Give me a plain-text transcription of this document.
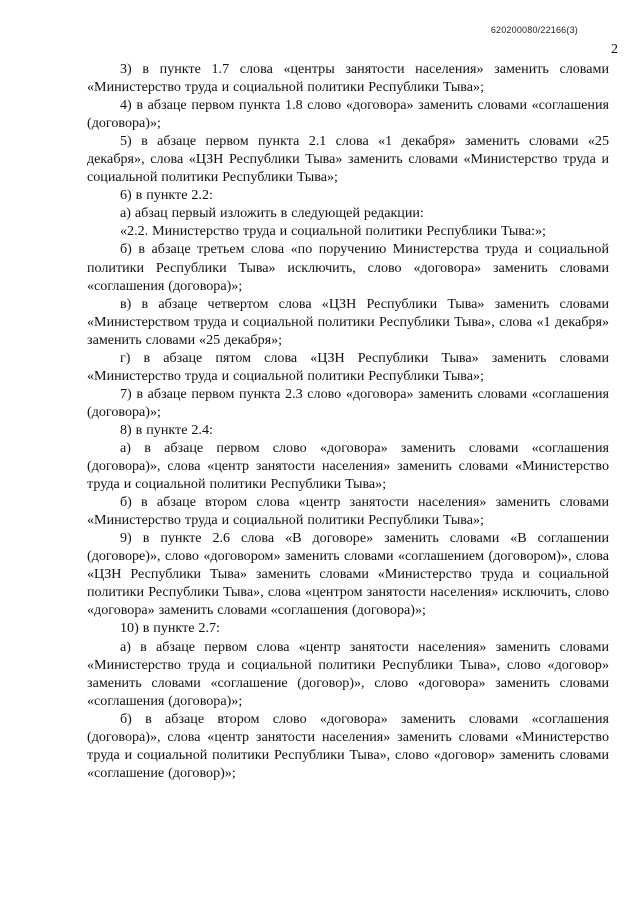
620200080/22166(3)
2

3) в пункте 1.7 слова «центры занятости населения» заменить словами «Министерство труда и социальной политики Республики Тыва»;

4) в абзаце первом пункта 1.8 слово «договора» заменить словами «соглашения (договора)»;

5) в абзаце первом пункта 2.1 слова «1 декабря» заменить словами «25 декабря», слова «ЦЗН Республики Тыва» заменить словами «Министерство труда и социальной политики Республики Тыва»;

6) в пункте 2.2:

а) абзац первый изложить в следующей редакции:

«2.2. Министерство труда и социальной политики Республики Тыва:»;

б) в абзаце третьем слова «по поручению Министерства труда и социальной политики Республики Тыва» исключить, слово «договора» заменить словами «соглашения (договора)»;

в) в абзаце четвертом слова «ЦЗН Республики Тыва» заменить словами «Министерством труда и социальной политики Республики Тыва», слова «1 декабря» заменить словами «25 декабря»;

г) в абзаце пятом слова «ЦЗН Республики Тыва» заменить словами «Министерство труда и социальной политики Республики Тыва»;

7) в абзаце первом пункта 2.3 слово «договора» заменить словами «соглашения (договора)»;

8) в пункте 2.4:

а) в абзаце первом слово «договора» заменить словами «соглашения (договора)», слова «центр занятости населения» заменить словами «Министерство труда и социальной политики Республики Тыва»;

б) в абзаце втором слова «центр занятости населения» заменить словами «Министерство труда и социальной политики Республики Тыва»;

9) в пункте 2.6 слова «В договоре» заменить словами «В соглашении (договоре)», слово «договором» заменить словами «соглашением (договором)», слова «ЦЗН Республики Тыва» заменить словами «Министерство труда и социальной политики Республики Тыва», слова «центром занятости населения» исключить, слово «договора» заменить словами «соглашения (договора)»;

10) в пункте 2.7:

а) в абзаце первом слова «центр занятости населения» заменить словами «Министерство труда и социальной политики Республики Тыва», слово «договор» заменить словами «соглашение (договор)», слово «договора» заменить словами «соглашения (договора)»;

б) в абзаце втором слово «договора» заменить словами «соглашения (договора)», слова «центр занятости населения» заменить словами «Министерство труда и социальной политики Республики Тыва», слово «договор» заменить словами «соглашение (договор)»;
